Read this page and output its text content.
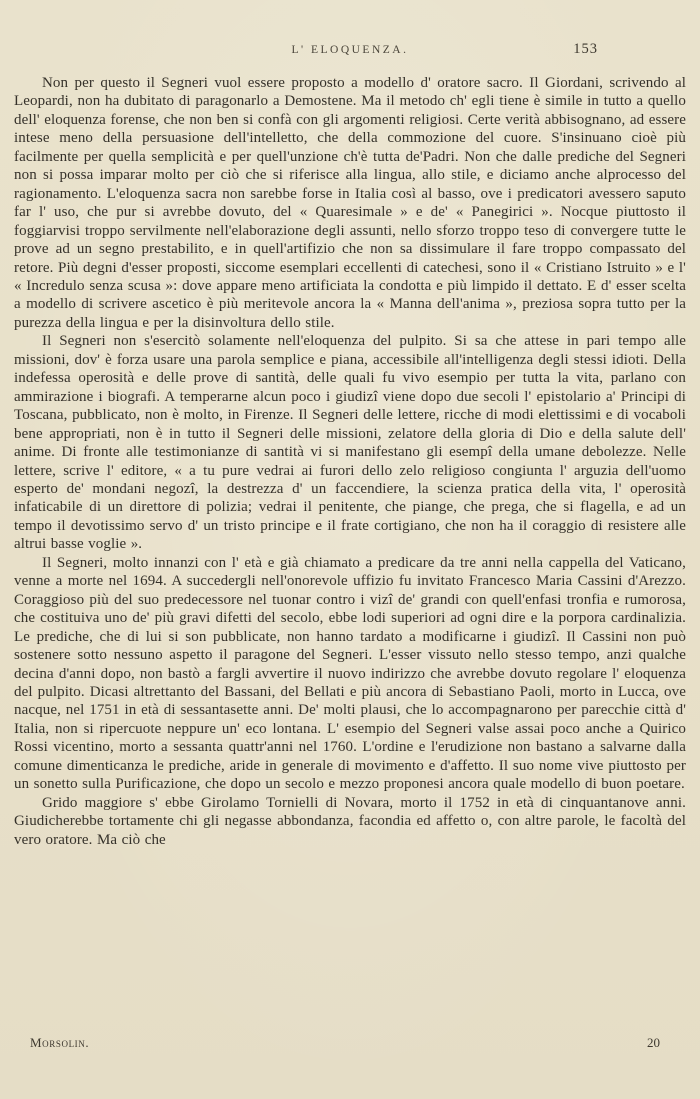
L' ELOQUENZA.	153

Non per questo il Segneri vuol essere proposto a modello d' oratore sacro. Il Giordani, scrivendo al Leopardi, non ha dubitato di paragonarlo a Demostene. Ma il metodo ch' egli tiene è simile in tutto a quello dell' eloquenza forense, che non ben si confà con gli argomenti religiosi. Certe verità abbisognano, ad essere intese meno della persuasione dell'intelletto, che della commozione del cuore. S'insinuano cioè più facilmente per quella semplicità e per quell'unzione ch'è tutta de'Padri. Non che dalle prediche del Segneri non si possa imparar molto per ciò che si riferisce alla lingua, allo stile, e diciamo anche alprocesso del ragionamento. L'eloquenza sacra non sarebbe forse in Italia così al basso, ove i predicatori avessero saputo far l' uso, che pur si avrebbe dovuto, del « Quaresimale » e de' « Panegirici ». Nocque piuttosto il foggiarvisi troppo servilmente nell'elaborazione degli assunti, nello sforzo troppo teso di convergere tutte le prove ad un segno prestabilito, e in quell'artifizio che non sa dissimulare il fare troppo compassato del retore. Più degni d'esser proposti, siccome esemplari eccellenti di catechesi, sono il « Cristiano Istruito » e l' « Incredulo senza scusa »: dove appare meno artificiata la condotta e più limpido il dettato. E d' esser scelta a modello di scrivere ascetico è più meritevole ancora la « Manna dell'anima », preziosa sopra tutto per la purezza della lingua e per la disinvoltura dello stile.

Il Segneri non s'esercitò solamente nell'eloquenza del pulpito. Si sa che attese in pari tempo alle missioni, dov' è forza usare una parola semplice e piana, accessibile all'intelligenza degli stessi idioti. Della indefessa operosità e delle prove di santità, delle quali fu vivo esempio per tutta la vita, parlano con ammirazione i biografi. A temperarne alcun poco i giudizî viene dopo due secoli l' epistolario a' Principi di Toscana, pubblicato, non è molto, in Firenze. Il Segneri delle lettere, ricche di modi elettissimi e di vocaboli bene appropriati, non è in tutto il Segneri delle missioni, zelatore della gloria di Dio e della salute dell' anime. Di fronte alle testimonianze di santità vi si manifestano gli esempî della umane debolezze. Nelle lettere, scrive l' editore, « a tu pure vedrai ai furori dello zelo religioso congiunta l' arguzia dell'uomo esperto de' mondani negozî, la destrezza d' un faccendiere, la scienza pratica della vita, l' operosità infaticabile di un direttore di polizia; vedrai il penitente, che piange, che prega, che si flagella, e ad un tempo il devotissimo servo d' un tristo principe e il frate cortigiano, che non ha il coraggio di resistere alle altrui basse voglie ».

Il Segneri, molto innanzi con l' età e già chiamato a predicare da tre anni nella cappella del Vaticano, venne a morte nel 1694. A succedergli nell'onorevole uffizio fu invitato Francesco Maria Cassini d'Arezzo. Coraggioso più del suo predecessore nel tuonar contro i vizî de' grandi con quell'enfasi tronfia e rumorosa, che costituiva uno de' più gravi difetti del secolo, ebbe lodi superiori ad ogni dire e la porpora cardinalizia. Le prediche, che di lui si son pubblicate, non hanno tardato a modificarne i giudizî. Il Cassini non può sostenere sotto nessuno aspetto il paragone del Segneri. L'esser vissuto nello stesso tempo, anzi qualche decina d'anni dopo, non bastò a fargli avvertire il nuovo indirizzo che avrebbe dovuto regolare l' eloquenza del pulpito. Dicasi altrettanto del Bassani, del Bellati e più ancora di Sebastiano Paoli, morto in Lucca, ove nacque, nel 1751 in età di sessantasette anni. De' molti plausi, che lo accompagnarono per parecchie città d' Italia, non si ripercuote neppure un' eco lontana. L' esempio del Segneri valse assai poco anche a Quirico Rossi vicentino, morto a sessanta quattr'anni nel 1760. L'ordine e l'erudizione non bastano a salvarne dalla comune dimenticanza le prediche, aride in generale di movimento e d'affetto. Il suo nome vive piuttosto per un sonetto sulla Purificazione, che dopo un secolo e mezzo proponesi ancora quale modello di buon poetare.

Grido maggiore s' ebbe Girolamo Tornielli di Novara, morto il 1752 in età di cinquantanove anni. Giudicherebbe tortamente chi gli negasse abbondanza, facondia ed affetto o, con altre parole, le facoltà del vero oratore. Ma ciò che

Morsolin.	20
